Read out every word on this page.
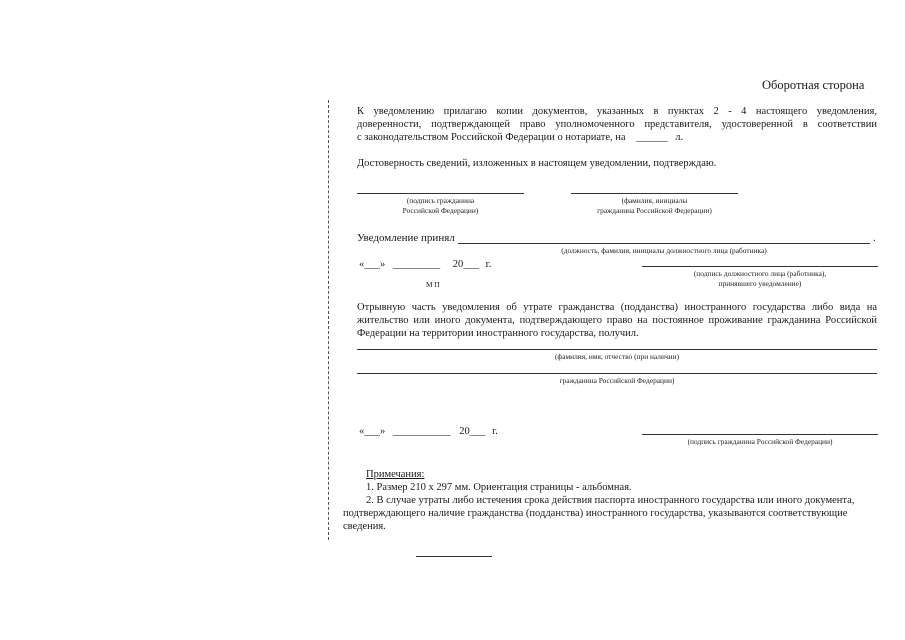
Оборотная сторона
К уведомлению прилагаю копии документов, указанных в пунктах 2 - 4 настоящего уведомления,
доверенности, подтверждающей право уполномоченного представителя, удостоверенной в соответствии
с законодательством Российской Федерации о нотариате, на ______ л.
Достоверность сведений, изложенных в настоящем уведомлении, подтверждаю.
(подпись гражданина
Российской Федерации)
(фамилия, инициалы
гражданина Российской Федерации)
Уведомление принял	.
(должность, фамилия, инициалы должностного лица (работника)
«___» _________ 20___ г.
М П
(подпись должностного лица (работника),
принявшего уведомление)
Отрывную часть уведомления об утрате гражданства (подданства) иностранного государства либо вида на
жительство или иного документа, подтверждающего право на постоянное проживание гражданина Российской
Федерации на территории иностранного государства, получил.
(фамилия, имя, отчество (при наличии)
гражданина Российской Федерации)
«___» ___________ 20___ г.
(подпись гражданина Российской Федерации)
Примечания:
1. Размер 210 х 297 мм. Ориентация страницы - альбомная.
2. В случае утраты либо истечения срока действия паспорта иностранного государства или иного документа,
подтверждающего наличие гражданства (подданства) иностранного государства, указываются соответствующие
сведения.
